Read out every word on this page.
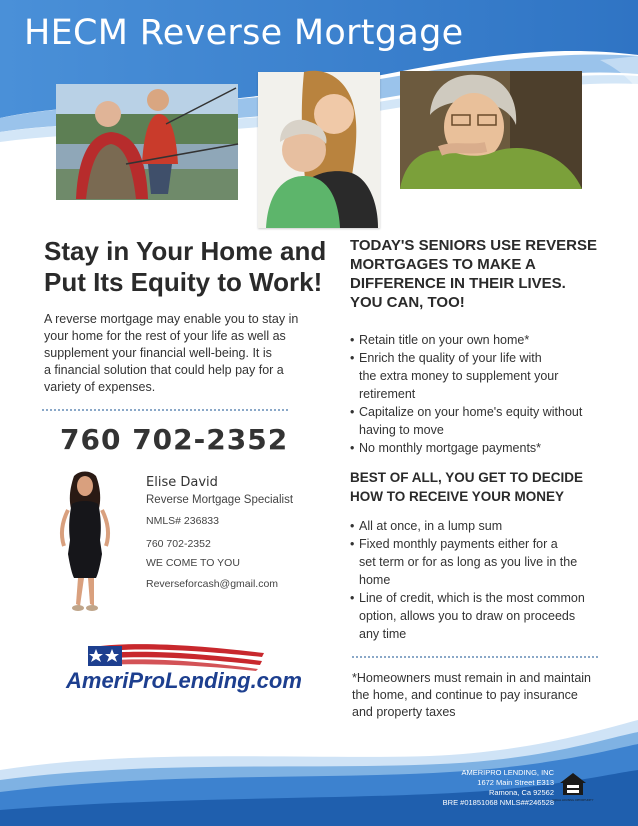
HECM Reverse Mortgage
Stay in Your Home and
Put Its Equity to Work!
A reverse mortgage may enable you to stay in
your home for the rest of your life as well as
supplement your financial well-being. It is
a financial solution that could help pay for a
variety of expenses.
760 702-2352
Elise David
Reverse Mortgage Specialist
NMLS# 236833
760 702-2352
WE COME TO YOU
Reverseforcash@gmail.com
AmeriProLending.com
TODAY'S SENIORS USE REVERSE
MORTGAGES TO MAKE A
DIFFERENCE IN THEIR LIVES.
YOU CAN, TOO!
• Retain title on your own home*
• Enrich the quality of your life with
the extra money to supplement your
retirement
• Capitalize on your home's equity without
having to move
• No monthly mortgage payments*
BEST OF ALL, YOU GET TO DECIDE
HOW TO RECEIVE YOUR MONEY
• All at once, in a lump sum
• Fixed monthly payments either for a
set term or for as long as you live in the
home
• Line of credit, which is the most common
option, allows you to draw on proceeds
any time
*Homeowners must remain in and maintain
the home, and continue to pay insurance
and property taxes
AMERIPRO LENDING, INC
1672 Main Street E313
Ramona, Ca 92562
BRE #01851068 NMLS##246528
EQUAL HOUSING OPPORTUNITY
